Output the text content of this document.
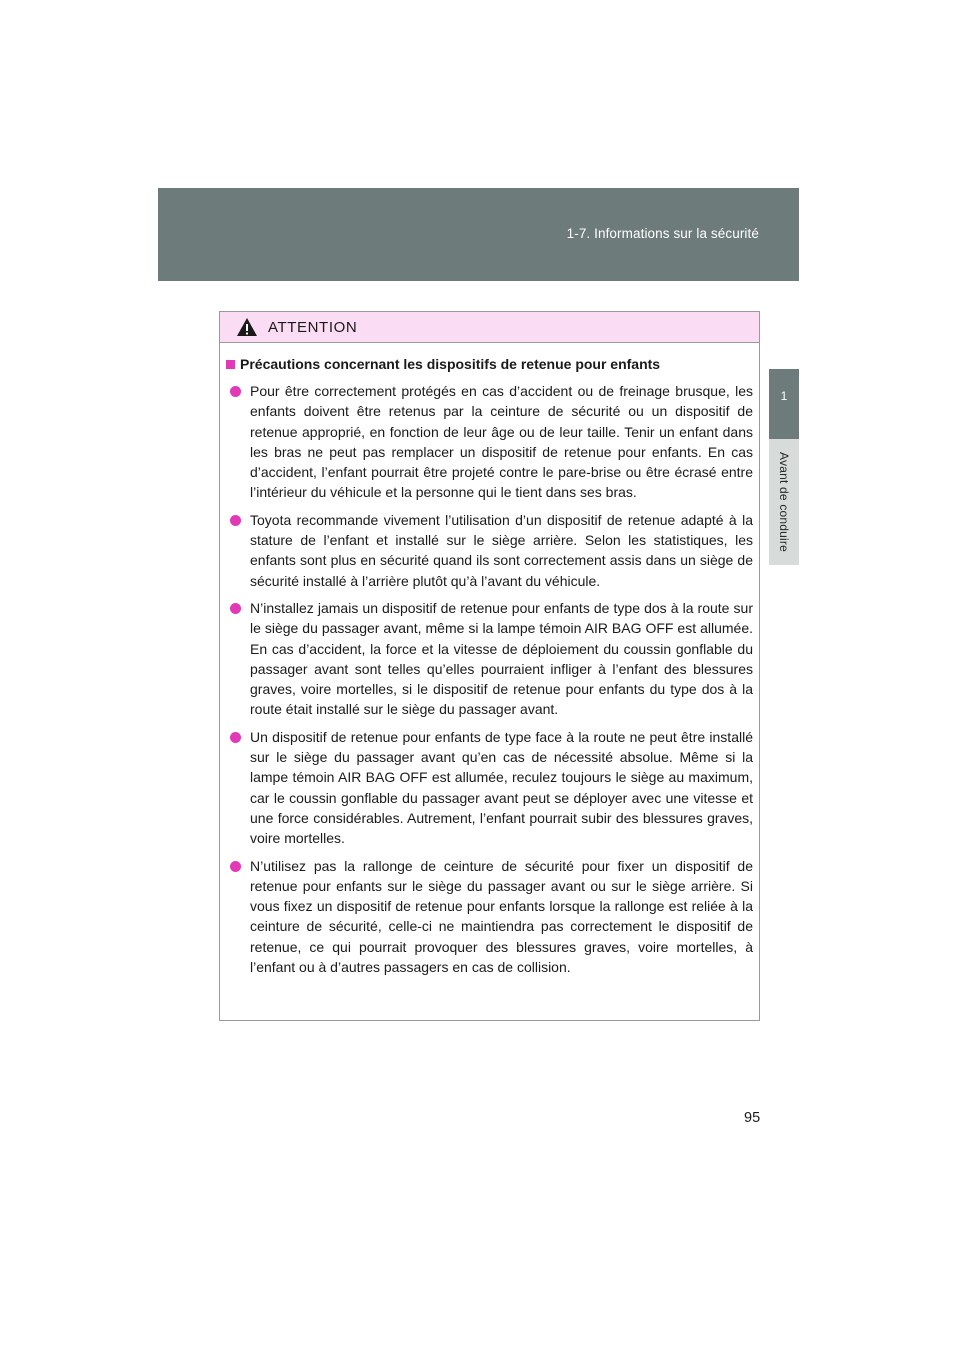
1-7. Informations sur la sécurité
1
Avant de conduire
ATTENTION
Précautions concernant les dispositifs de retenue pour enfants
Pour être correctement protégés en cas d’accident ou de freinage brusque, les enfants doivent être retenus par la ceinture de sécurité ou un dispositif de retenue approprié, en fonction de leur âge ou de leur taille. Tenir un enfant dans les bras ne peut pas remplacer un dispositif de retenue pour enfants. En cas d’accident, l’enfant pourrait être projeté contre le pare-brise ou être écrasé entre l’intérieur du véhicule et la personne qui le tient dans ses bras.
Toyota recommande vivement l’utilisation d’un dispositif de retenue adapté à la stature de l’enfant et installé sur le siège arrière. Selon les statistiques, les enfants sont plus en sécurité quand ils sont correctement assis dans un siège de sécurité installé à l’arrière plutôt qu’à l’avant du véhicule.
N’installez jamais un dispositif de retenue pour enfants de type dos à la route sur le siège du passager avant, même si la lampe témoin AIR BAG OFF est allumée. En cas d’accident, la force et la vitesse de déploiement du coussin gonflable du passager avant sont telles qu’elles pourraient infliger à l’enfant des blessures graves, voire mortelles, si le dispositif de retenue pour enfants du type dos à la route était installé sur le siège du passager avant.
Un dispositif de retenue pour enfants de type face à la route ne peut être installé sur le siège du passager avant qu’en cas de nécessité absolue. Même si la lampe témoin AIR BAG OFF est allumée, reculez toujours le siège au maximum, car le coussin gonflable du passager avant peut se déployer avec une vitesse et une force considérables. Autrement, l’enfant pourrait subir des blessures graves, voire mortelles.
N’utilisez pas la rallonge de ceinture de sécurité pour fixer un dispositif de retenue pour enfants sur le siège du passager avant ou sur le siège arrière. Si vous fixez un dispositif de retenue pour enfants lorsque la rallonge est reliée à la ceinture de sécurité, celle-ci ne maintiendra pas correctement le dispositif de retenue, ce qui pourrait provoquer des blessures graves, voire mortelles, à l’enfant ou à d’autres passagers en cas de collision.
95
